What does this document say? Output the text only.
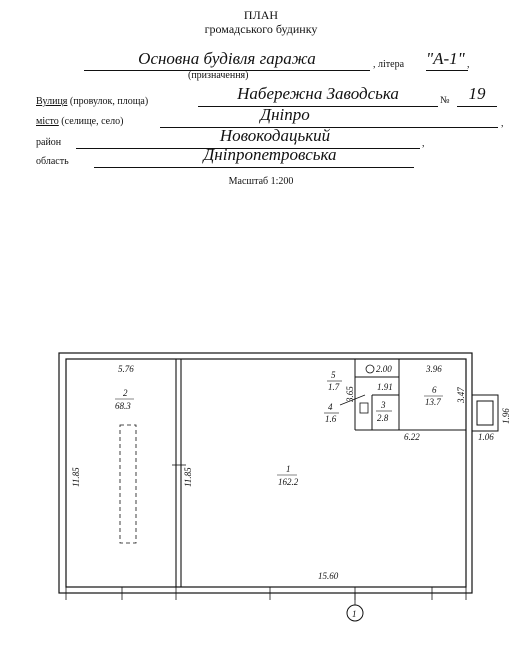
ПЛАН
громадського будинку
Основна будівля гаража	, літера "А-1" ,
(призначення)
Вулиця (провулок, площа)	Набережна Заводська	№	19
місто (селище, село)	Дніпро	,
район	Новокодацький	,
область	Дніпропетровська
Масштаб 1:200
5.76
11.85	11.85
15.60
2.00	3.96
1.91
3.65	3.47
1.96
1.06
6.22
2
68.3
1
162.2
5
1.7
4
1.6
3
2.8
6
13.7
1
